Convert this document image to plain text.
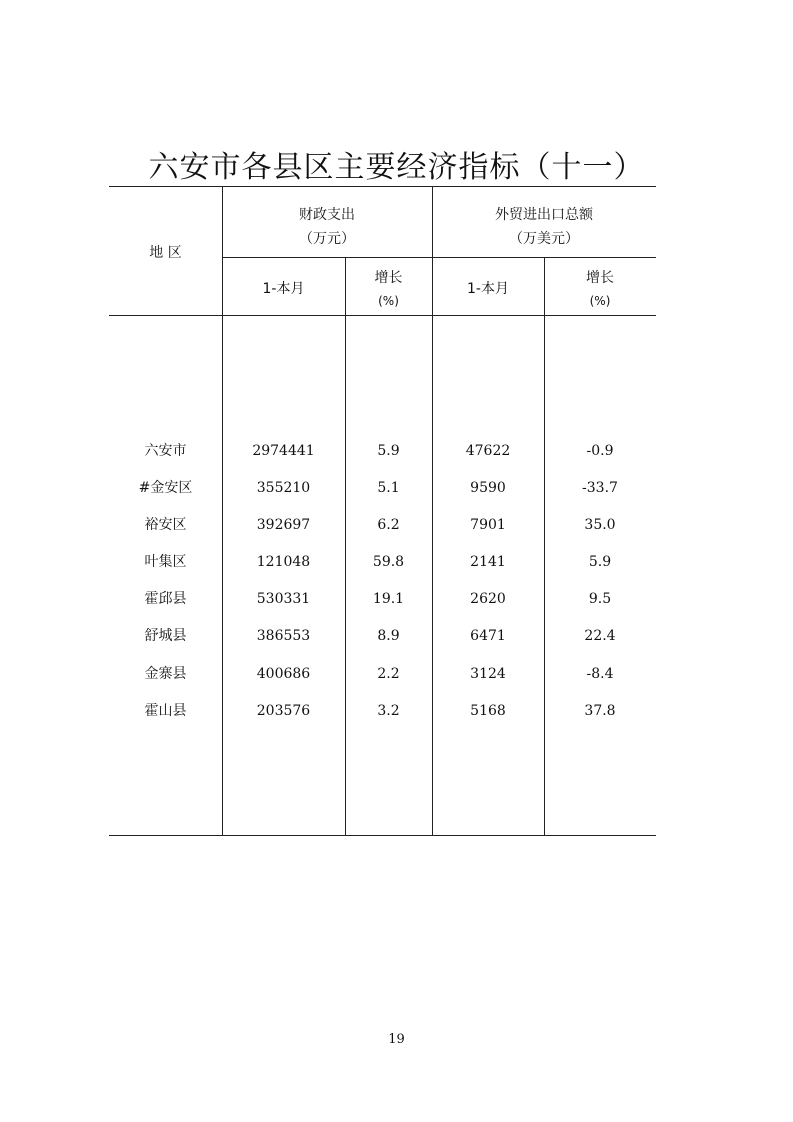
六安市各县区主要经济指标（十一）
地 区
财政支出
（万元）
外贸进出口总额
（万美元）
1-本月
增长
(%)
1-本月
增长
(%)
六安市	2974441	5.9	47622	-0.9
#金安区	355210	5.1	9590	-33.7
裕安区	392697	6.2	7901	35.0
叶集区	121048	59.8	2141	5.9
霍邱县	530331	19.1	2620	9.5
舒城县	386553	8.9	6471	22.4
金寨县	400686	2.2	3124	-8.4
霍山县	203576	3.2	5168	37.8
19
